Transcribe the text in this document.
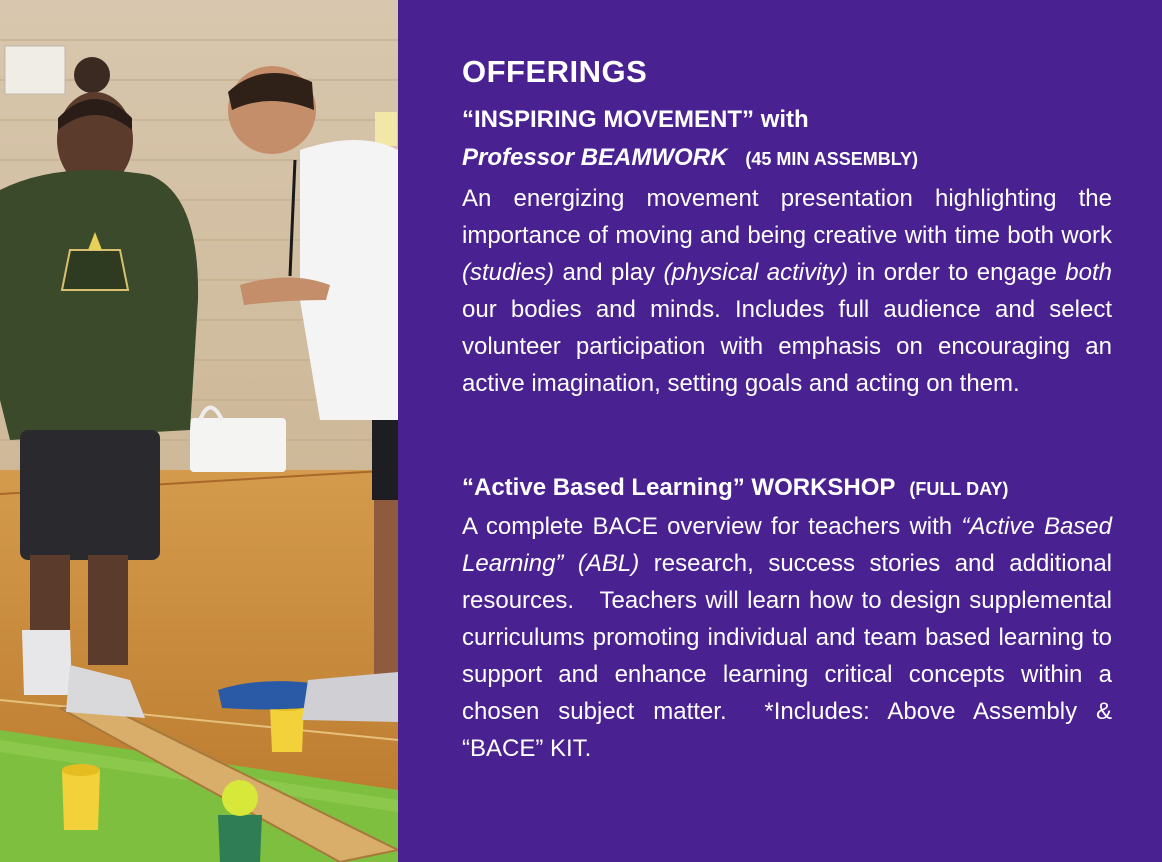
OFFERINGS
“INSPIRING MOVEMENT” with
Professor BEAMWORK (45 MIN ASSEMBLY)
An energizing movement presentation highlighting the importance of moving and being creative with time both work (studies) and play (physical activity) in order to engage both our bodies and minds. Includes full audience and select volunteer participation with emphasis on encouraging an active imagination, setting goals and acting on them.
“Active Based Learning” WORKSHOP (FULL DAY)
A complete BACE overview for teachers with “Active Based Learning” (ABL) research, success stories and additional resources.   Teachers will learn how to design supplemental curriculums promoting individual and team based learning to support and enhance learning critical concepts within a chosen subject matter.  *Includes: Above Assembly & “BACE” KIT.
